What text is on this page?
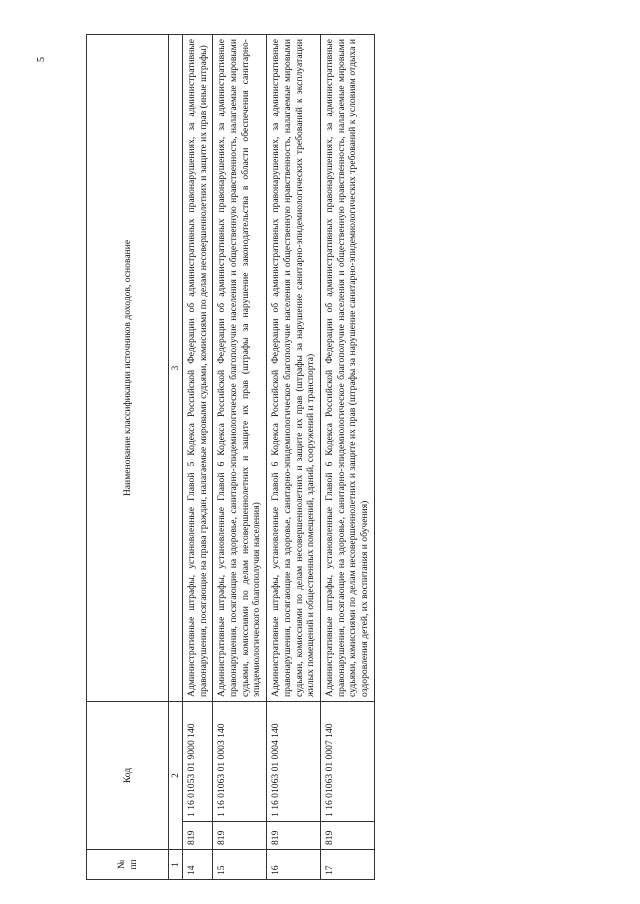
5
№ пп	Код		Наименование классификации источников доходов, основание
1	2		3
14	819	1 16 01053 01 9000 140	Административные штрафы, установленные Главой 5 Кодекса Российской Федерации об административных правонарушениях, за административные правонарушения, посягающие на права граждан, налагаемые мировыми судьями, комиссиями по делам несовершеннолетних и защите их прав (иные штрафы)
15	819	1 16 01063 01 0003 140	Административные штрафы, установленные Главой 6 Кодекса Российской Федерации об административных правонарушениях, за административные правонарушения, посягающие на здоровье, санитарно-эпидемиологическое благополучие населения и общественную нравственность, налагаемые мировыми судьями, комиссиями по делам несовершеннолетних и защите их прав (штрафы за нарушение законодательства в области обеспечения санитарно-эпидемиологического благополучия населения)
16	819	1 16 01063 01 0004 140	Административные штрафы, установленные Главой 6 Кодекса Российской Федерации об административных правонарушениях, за административные правонарушения, посягающие на здоровье, санитарно-эпидемиологическое благополучие населения и общественную нравственность, налагаемые мировыми судьями, комиссиями по делам несовершеннолетних и защите их прав (штрафы за нарушение санитарно-эпидемиологических требований к эксплуатации жилых помещений и общественных помещений, зданий, сооружений и транспорта)
17	819	1 16 01063 01 0007 140	Административные штрафы, установленные Главой 6 Кодекса Российской Федерации об административных правонарушениях, за административные правонарушения, посягающие на здоровье, санитарно-эпидемиологическое благополучие населения и общественную нравственность, налагаемые мировыми судьями, комиссиями по делам несовершеннолетних и защите их прав (штрафы за нарушение санитарно-эпидемиологических требований к условиям отдыха и оздоровления детей, их воспитания и обучения)
